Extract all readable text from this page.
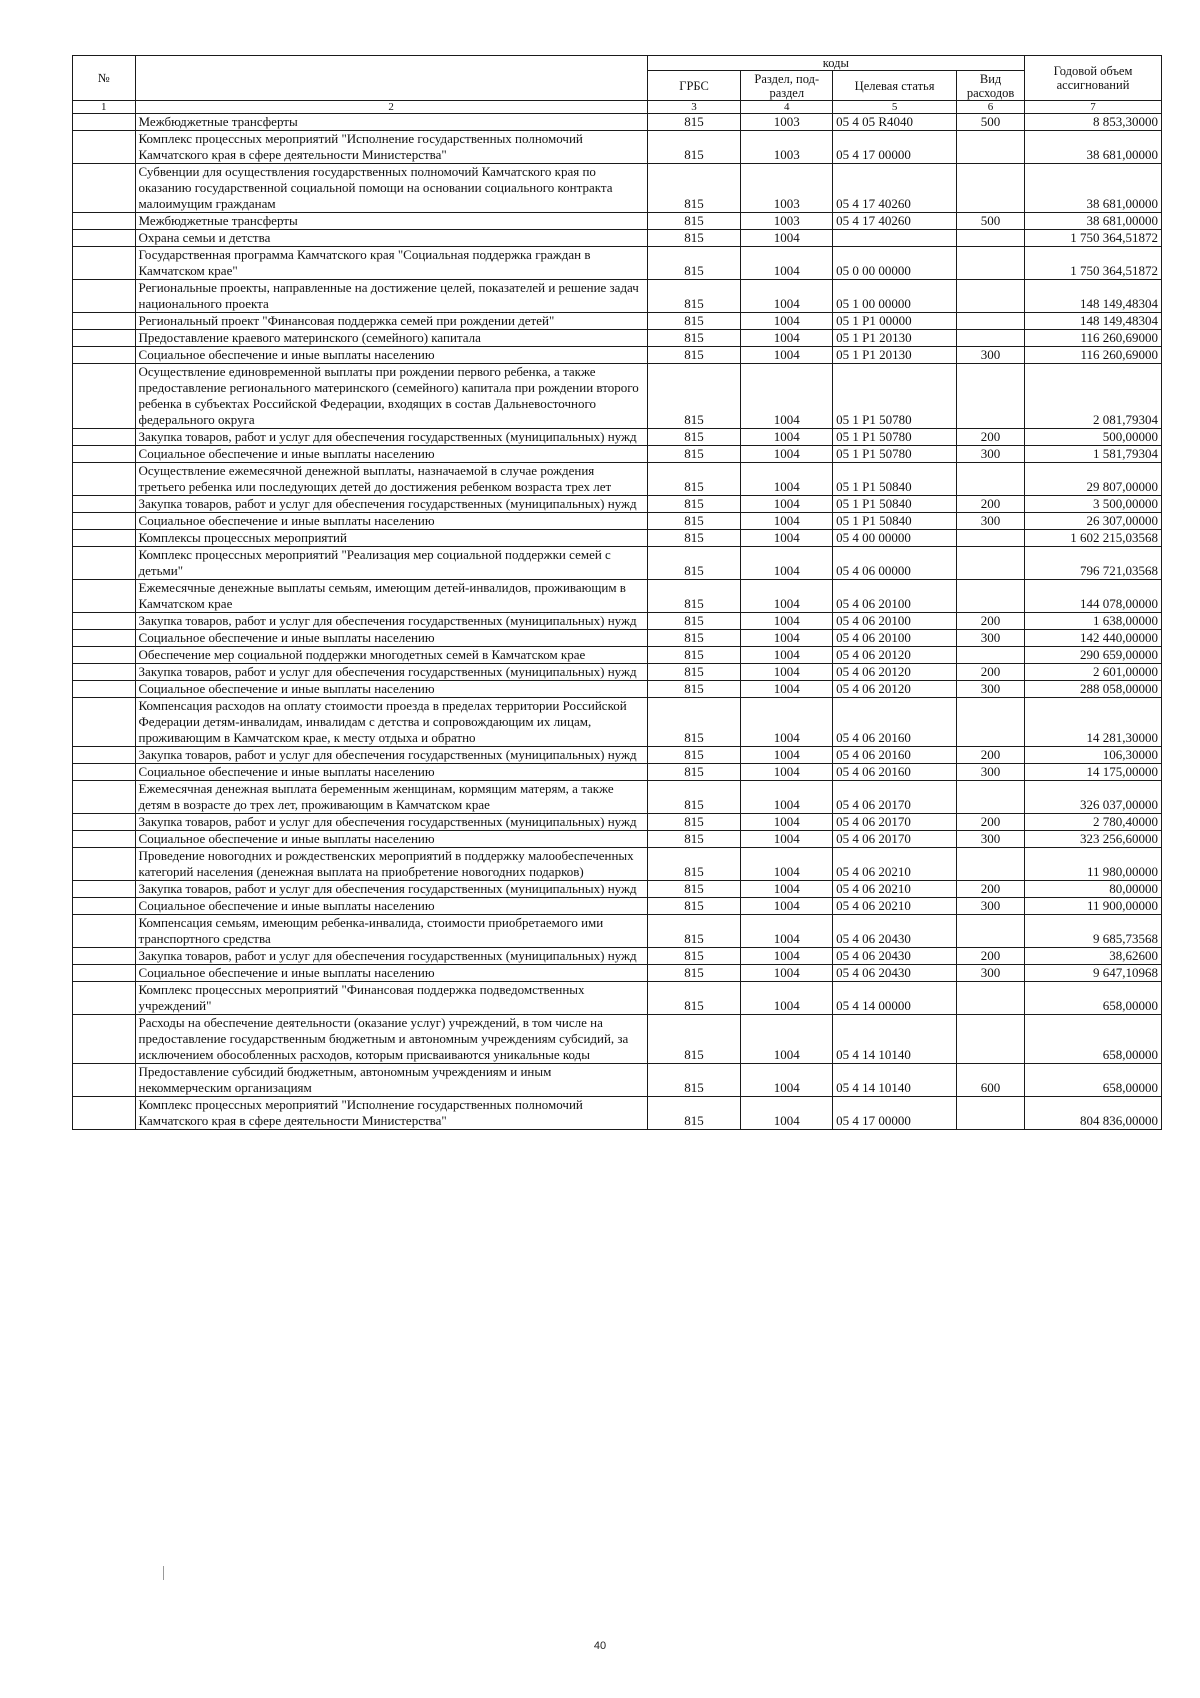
№		коды				Годовой объем ассигнований
		ГРБС	Раздел, под-раздел	Целевая статья	Вид расходов	
1	2	3	4	5	6	7
	Межбюджетные трансферты	815	1003	05 4 05 R4040	500	8 853,30000
	Комплекс процессных мероприятий "Исполнение государственных полномочий Камчатского края в сфере деятельности Министерства"	815	1003	05 4 17 00000		38 681,00000
	Субвенции для осуществления государственных полномочий Камчатского края по оказанию государственной социальной помощи на основании социального контракта малоимущим гражданам	815	1003	05 4 17 40260		38 681,00000
	Межбюджетные трансферты	815	1003	05 4 17 40260	500	38 681,00000
	Охрана семьи и детства	815	1004			1 750 364,51872
	Государственная программа Камчатского края "Социальная поддержка граждан в Камчатском крае"	815	1004	05 0 00 00000		1 750 364,51872
	Региональные проекты, направленные на достижение целей, показателей и решение задач национального проекта	815	1004	05 1 00 00000		148 149,48304
	Региональный проект "Финансовая поддержка семей при рождении детей"	815	1004	05 1 P1 00000		148 149,48304
	Предоставление краевого материнского (семейного) капитала	815	1004	05 1 P1 20130		116 260,69000
	Социальное обеспечение и иные выплаты населению	815	1004	05 1 P1 20130	300	116 260,69000
	Осуществление единовременной выплаты при рождении первого ребенка, а также предоставление регионального материнского (семейного) капитала при рождении второго ребенка в субъектах Российской Федерации, входящих в состав Дальневосточного федерального округа	815	1004	05 1 P1 50780		2 081,79304
	Закупка товаров, работ и услуг для обеспечения государственных (муниципальных) нужд	815	1004	05 1 P1 50780	200	500,00000
	Социальное обеспечение и иные выплаты населению	815	1004	05 1 P1 50780	300	1 581,79304
	Осуществление ежемесячной денежной выплаты, назначаемой в случае рождения третьего ребенка или последующих детей до достижения ребенком возраста трех лет	815	1004	05 1 P1 50840		29 807,00000
	Закупка товаров, работ и услуг для обеспечения государственных (муниципальных) нужд	815	1004	05 1 P1 50840	200	3 500,00000
	Социальное обеспечение и иные выплаты населению	815	1004	05 1 P1 50840	300	26 307,00000
	Комплексы процессных мероприятий	815	1004	05 4 00 00000		1 602 215,03568
	Комплекс процессных мероприятий "Реализация мер социальной поддержки семей с детьми"	815	1004	05 4 06 00000		796 721,03568
	Ежемесячные денежные выплаты семьям, имеющим детей-инвалидов, проживающим в Камчатском крае	815	1004	05 4 06 20100		144 078,00000
	Закупка товаров, работ и услуг для обеспечения государственных (муниципальных) нужд	815	1004	05 4 06 20100	200	1 638,00000
	Социальное обеспечение и иные выплаты населению	815	1004	05 4 06 20100	300	142 440,00000
	Обеспечение мер социальной поддержки многодетных семей в Камчатском крае	815	1004	05 4 06 20120		290 659,00000
	Закупка товаров, работ и услуг для обеспечения государственных (муниципальных) нужд	815	1004	05 4 06 20120	200	2 601,00000
	Социальное обеспечение и иные выплаты населению	815	1004	05 4 06 20120	300	288 058,00000
	Компенсация расходов на оплату стоимости проезда в пределах территории Российской Федерации детям-инвалидам, инвалидам с детства и сопровождающим их лицам, проживающим в Камчатском крае, к месту отдыха и обратно	815	1004	05 4 06 20160		14 281,30000
	Закупка товаров, работ и услуг для обеспечения государственных (муниципальных) нужд	815	1004	05 4 06 20160	200	106,30000
	Социальное обеспечение и иные выплаты населению	815	1004	05 4 06 20160	300	14 175,00000
	Ежемесячная денежная выплата беременным женщинам, кормящим матерям, а также детям в возрасте до трех лет, проживающим в Камчатском крае	815	1004	05 4 06 20170		326 037,00000
	Закупка товаров, работ и услуг для обеспечения государственных (муниципальных) нужд	815	1004	05 4 06 20170	200	2 780,40000
	Социальное обеспечение и иные выплаты населению	815	1004	05 4 06 20170	300	323 256,60000
	Проведение новогодних и рождественских мероприятий в поддержку малообеспеченных категорий населения (денежная выплата на приобретение новогодних подарков)	815	1004	05 4 06 20210		11 980,00000
	Закупка товаров, работ и услуг для обеспечения государственных (муниципальных) нужд	815	1004	05 4 06 20210	200	80,00000
	Социальное обеспечение и иные выплаты населению	815	1004	05 4 06 20210	300	11 900,00000
	Компенсация семьям, имеющим ребенка-инвалида, стоимости приобретаемого ими транспортного средства	815	1004	05 4 06 20430		9 685,73568
	Закупка товаров, работ и услуг для обеспечения государственных (муниципальных) нужд	815	1004	05 4 06 20430	200	38,62600
	Социальное обеспечение и иные выплаты населению	815	1004	05 4 06 20430	300	9 647,10968
	Комплекс процессных мероприятий "Финансовая поддержка подведомственных учреждений"	815	1004	05 4 14 00000		658,00000
	Расходы на обеспечение деятельности (оказание услуг) учреждений, в том числе на предоставление государственным бюджетным и автономным учреждениям субсидий, за исключением обособленных расходов, которым присваиваются уникальные коды	815	1004	05 4 14 10140		658,00000
	Предоставление субсидий бюджетным, автономным учреждениям и иным некоммерческим организациям	815	1004	05 4 14 10140	600	658,00000
	Комплекс процессных мероприятий "Исполнение государственных полномочий Камчатского края в сфере деятельности Министерства"	815	1004	05 4 17 00000		804 836,00000
40
